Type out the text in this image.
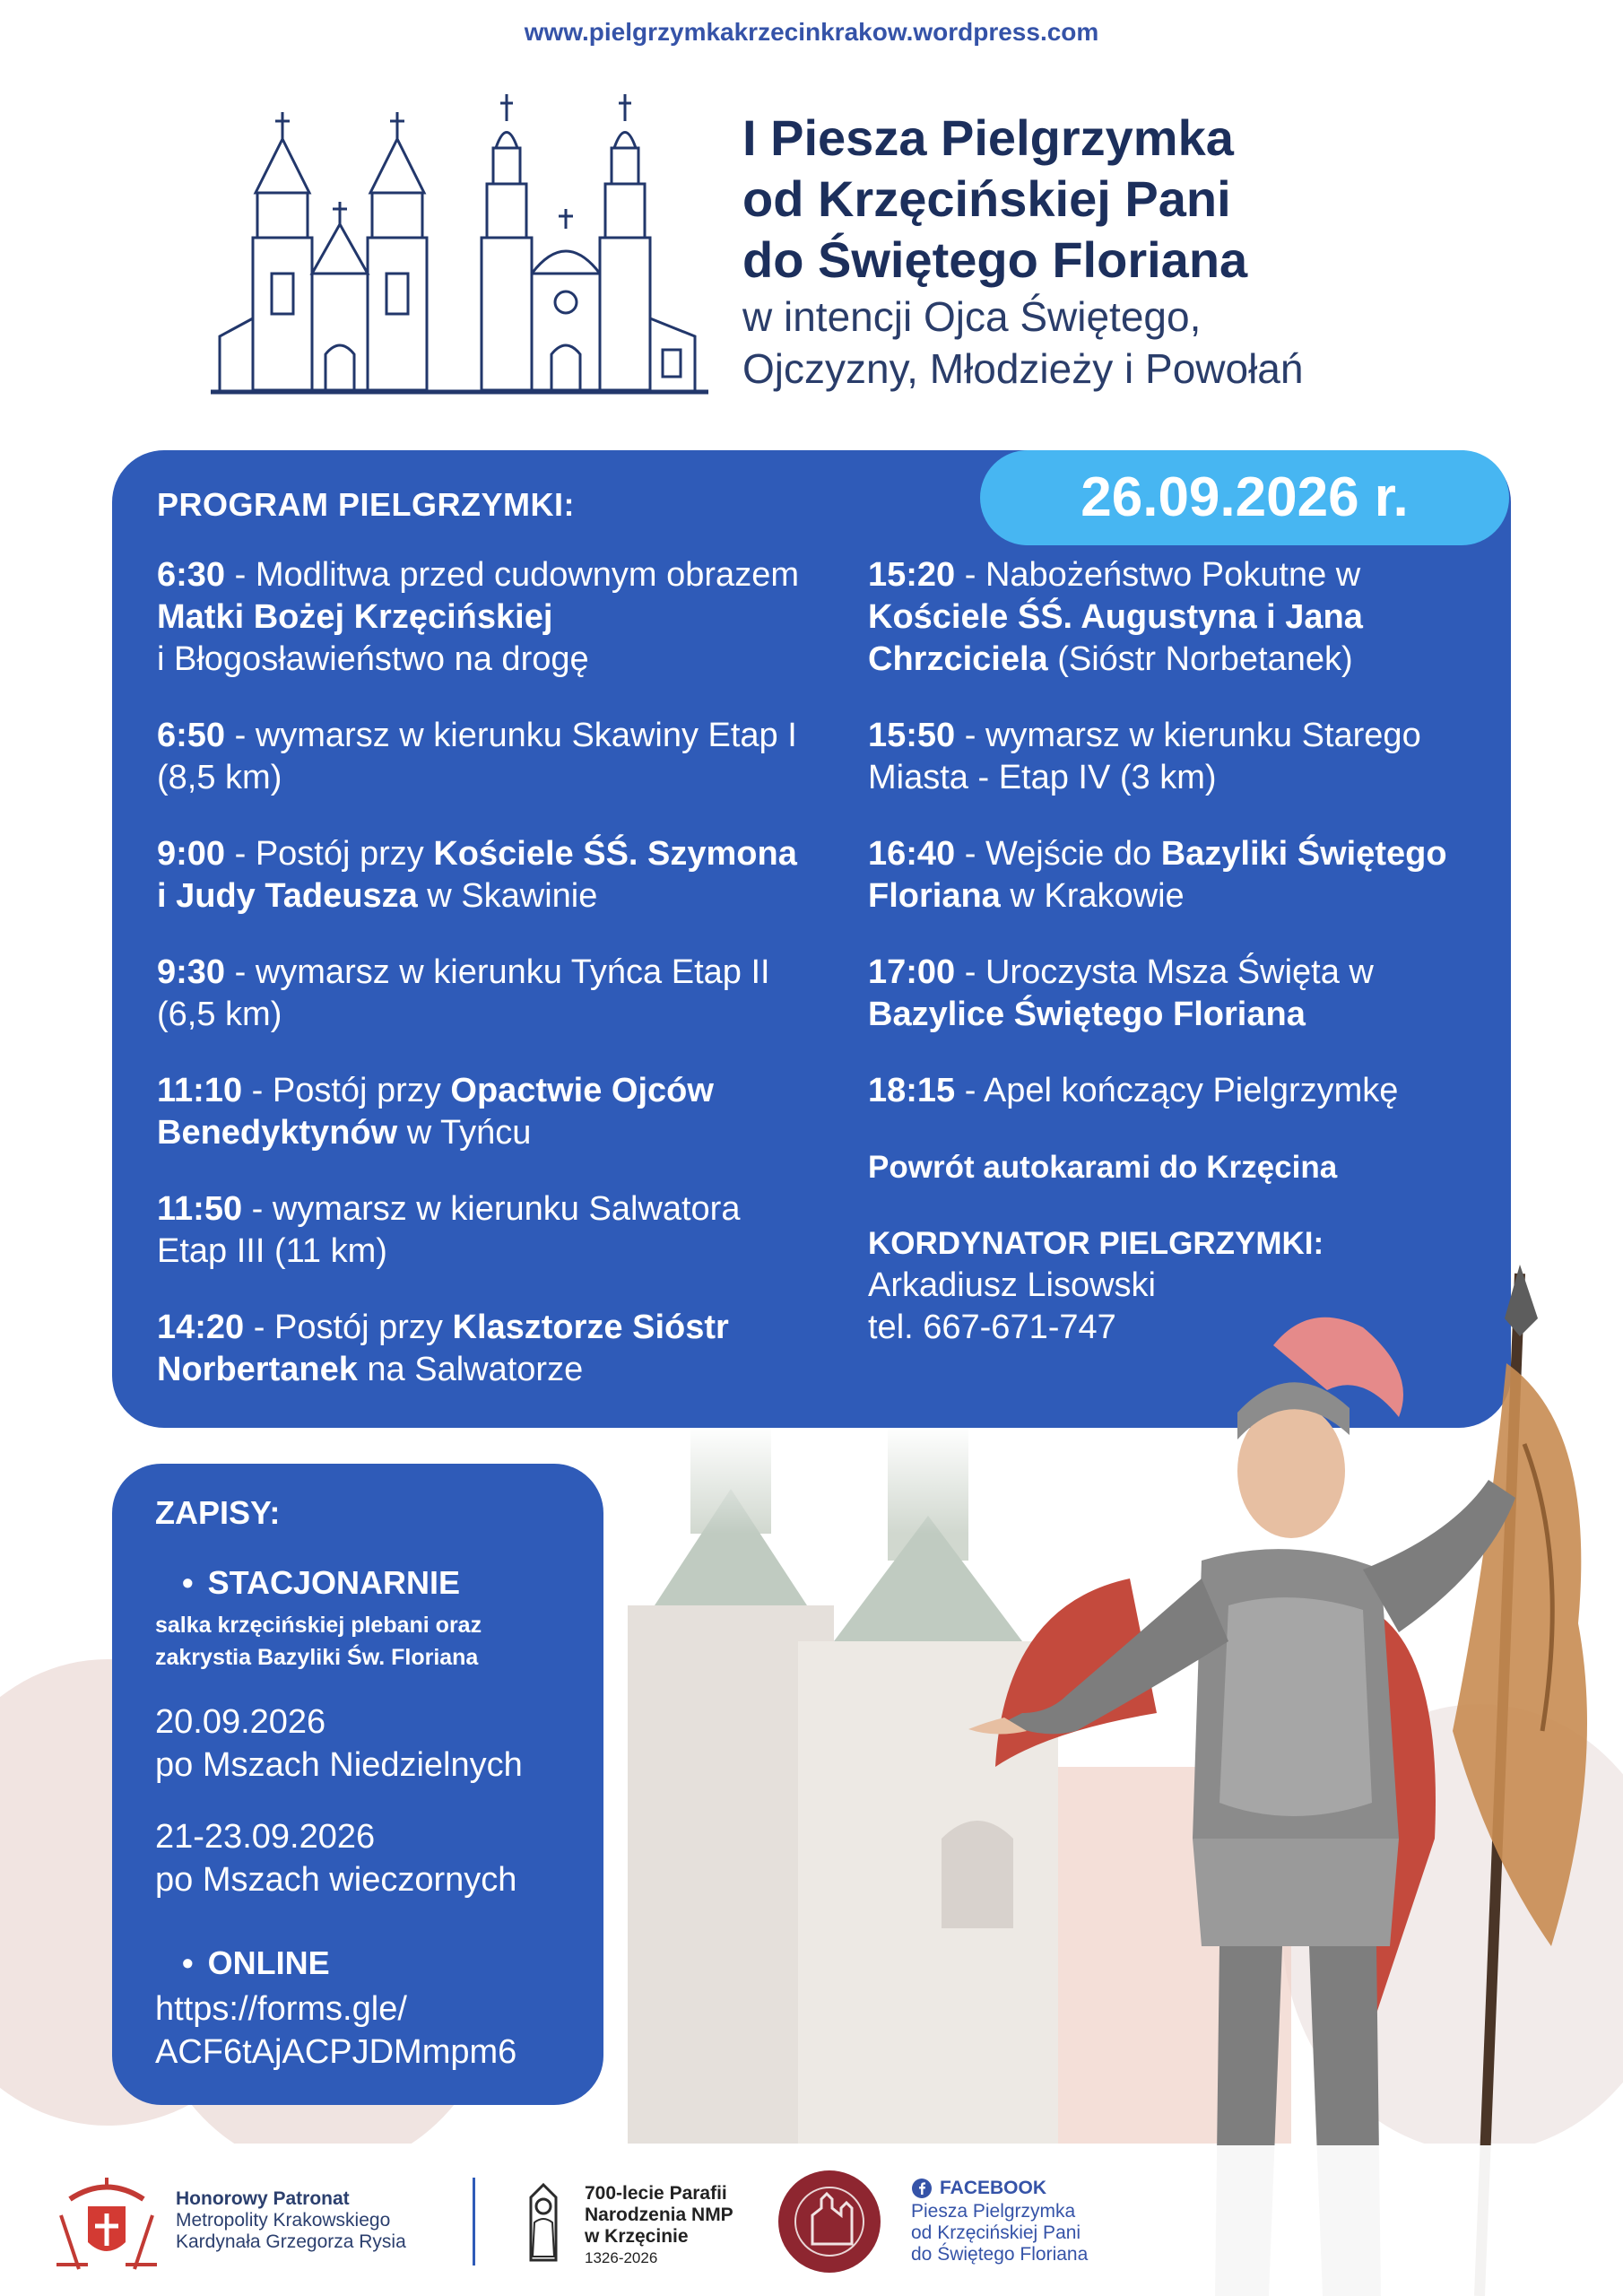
www.pielgrzymkakrzecinkrakow.wordpress.com
I Piesza Pielgrzymka
od Krzęcińskiej Pani
do Świętego Floriana
w intencji Ojca Świętego,
Ojczyzny, Młodzieży i Powołań
PROGRAM PIELGRZYMKI:
6:30 - Modlitwa przed cudownym obrazem Matki Bożej Krzęcińskiej
i Błogosławieństwo na drogę
6:50 - wymarsz w kierunku Skawiny Etap I (8,5 km)
9:00 - Postój przy Kościele ŚŚ. Szymona i Judy Tadeusza w Skawinie
9:30 - wymarsz w kierunku Tyńca Etap II (6,5 km)
11:10 - Postój przy Opactwie Ojców Benedyktynów w Tyńcu
11:50 - wymarsz w kierunku Salwatora Etap III (11 km)
14:20 - Postój przy Klasztorze Sióstr Norbertanek na Salwatorze
15:20 - Nabożeństwo Pokutne w Kościele ŚŚ. Augustyna i Jana Chrzciciela (Sióstr Norbetanek)
15:50 - wymarsz w kierunku Starego Miasta - Etap IV (3 km)
16:40 - Wejście do Bazyliki Świętego Floriana w Krakowie
17:00 - Uroczysta Msza Święta w Bazylice Świętego Floriana
18:15 - Apel kończący Pielgrzymkę
Powrót autokarami do Krzęcina
KORDYNATOR PIELGRZYMKI:
Arkadiusz Lisowski
tel. 667-671-747
26.09.2026 r.
ZAPISY:
• STACJONARNIE
salka krzęcińskiej plebani oraz
zakrystia Bazyliki Św. Floriana
20.09.2026
po Mszach Niedzielnych
21-23.09.2026
po Mszach wieczornych
• ONLINE
https://forms.gle/
ACF6tAjACPJDMmpm6
Honorowy Patronat
Metropolity Krakowskiego
Kardynała Grzegorza Rysia
700-lecie Parafii
Narodzenia NMP
w Krzęcinie
1326-2026
FACEBOOK
Piesza Pielgrzymka
od Krzęcińskiej Pani
do Świętego Floriana
